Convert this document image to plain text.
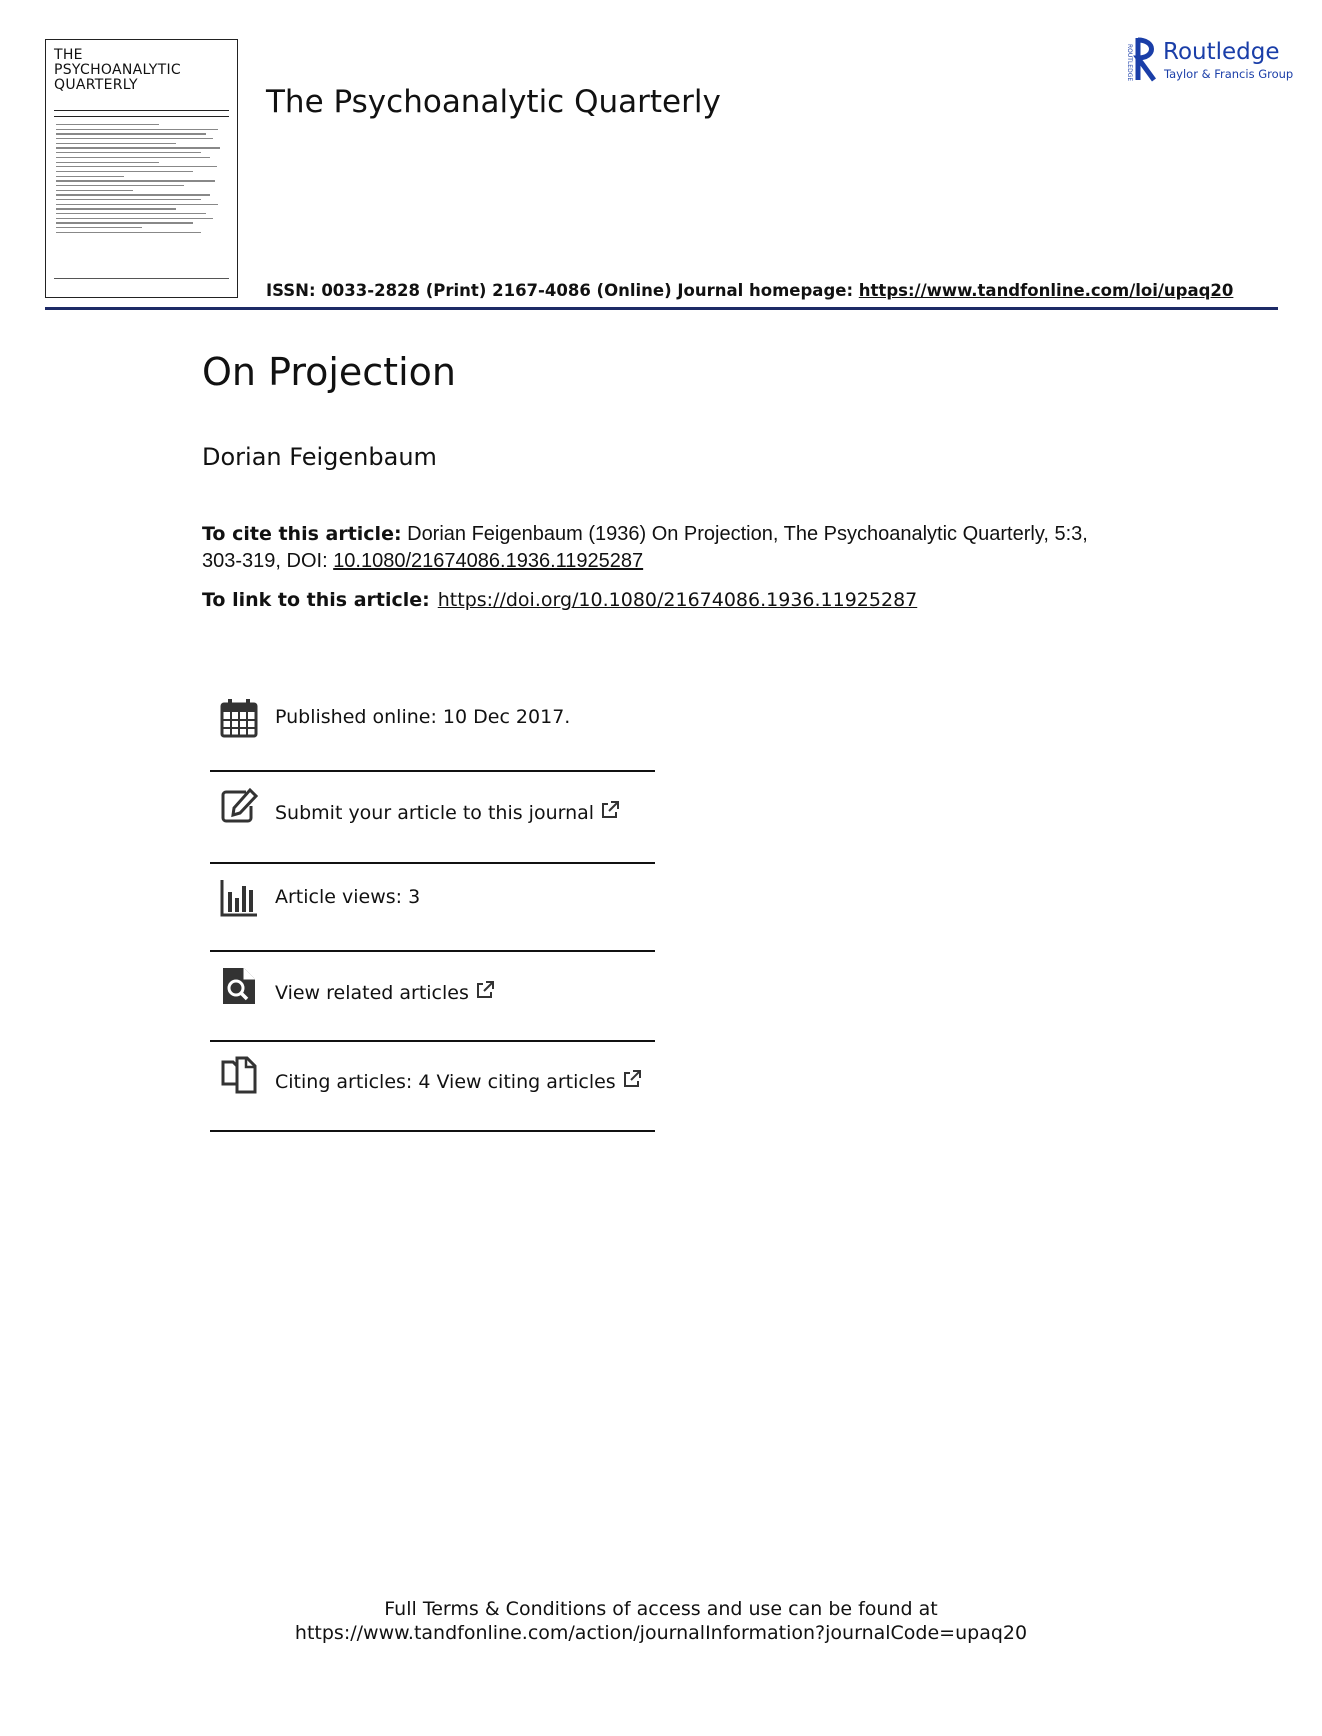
THE
PSYCHOANALYTIC
QUARTERLY	The Psychoanalytic Quarterly
ROUTLEDGE Routledge
Taylor & Francis Group
ISSN: 0033-2828 (Print) 2167-4086 (Online) Journal homepage: https://www.tandfonline.com/loi/upaq20
On Projection
Dorian Feigenbaum
To cite this article: Dorian Feigenbaum (1936) On Projection, The Psychoanalytic Quarterly, 5:3, 303-319, DOI: 10.1080/21674086.1936.11925287
To link to this article: https://doi.org/10.1080/21674086.1936.11925287
Published online: 10 Dec 2017.
Submit your article to this journal
Article views: 3
View related articles
Citing articles: 4 View citing articles
Full Terms & Conditions of access and use can be found at
https://www.tandfonline.com/action/journalInformation?journalCode=upaq20
